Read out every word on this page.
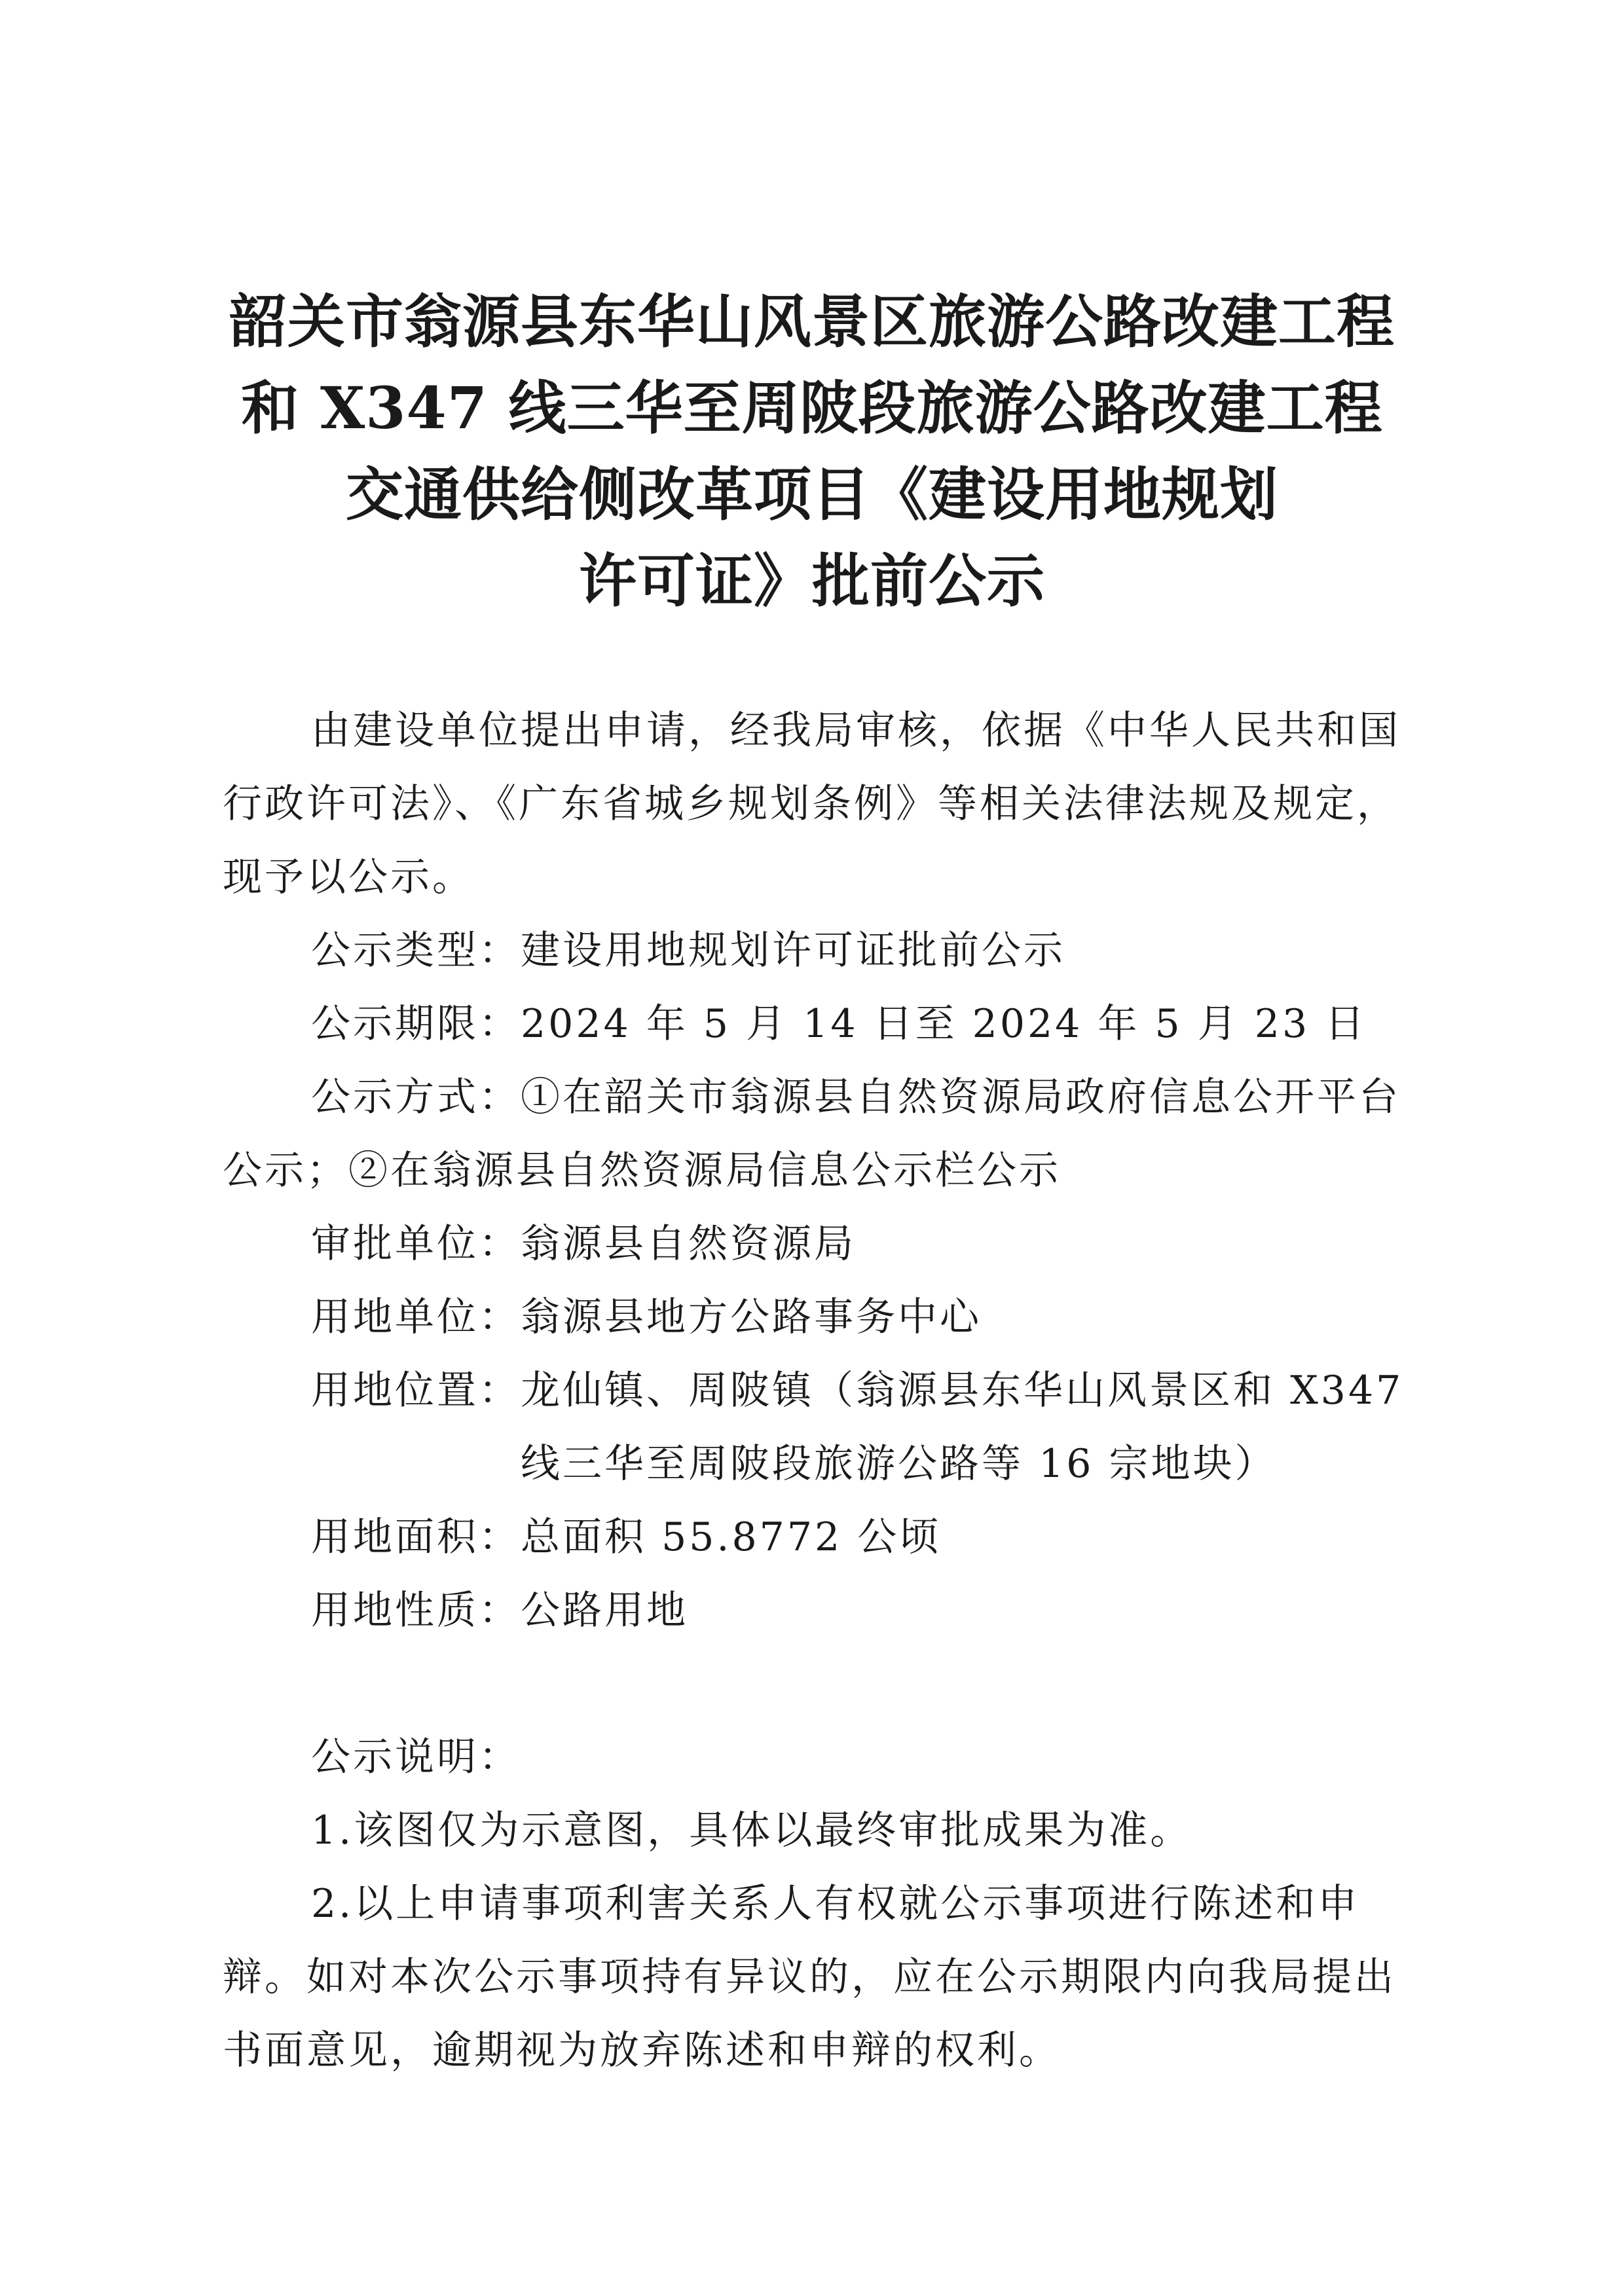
韶关市翁源县东华山风景区旅游公路改建工程
和 X347 线三华至周陂段旅游公路改建工程
交通供给侧改革项目《建设用地规划
许可证》批前公示
由建设单位提出申请，经我局审核，依据《中华人民共和国
行政许可法》、《广东省城乡规划条例》等相关法律法规及规定，
现予以公示。
公示类型：建设用地规划许可证批前公示
公示期限：2024 年 5 月 14 日至 2024 年 5 月 23 日
公示方式：①在韶关市翁源县自然资源局政府信息公开平台
公示；②在翁源县自然资源局信息公示栏公示
审批单位：翁源县自然资源局
用地单位：翁源县地方公路事务中心
用地位置： 龙仙镇、周陂镇（翁源县东华山风景区和 X347
线三华至周陂段旅游公路等 16 宗地块）
用地面积：总面积 55.8772 公顷
用地性质：公路用地
公示说明：
1.该图仅为示意图，具体以最终审批成果为准。
2.以上申请事项利害关系人有权就公示事项进行陈述和申
辩。如对本次公示事项持有异议的，应在公示期限内向我局提出
书面意见，逾期视为放弃陈述和申辩的权利。
